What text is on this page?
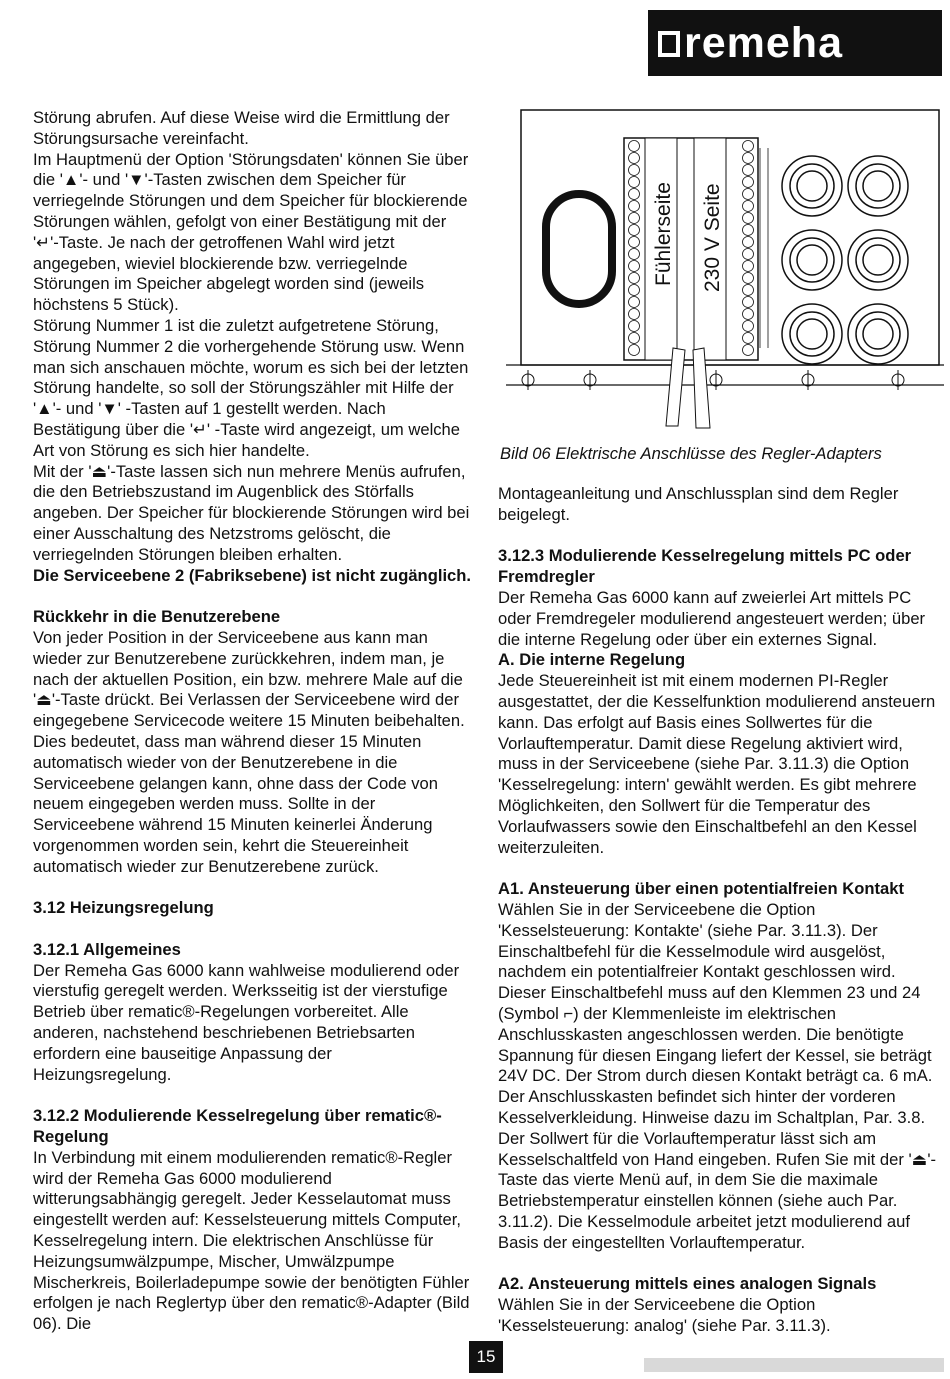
remeha

Störung abrufen. Auf diese Weise wird die Ermittlung der Störungsursache vereinfacht.

Im Hauptmenü der Option 'Störungsdaten' können Sie über die '▲'- und '▼'-Tasten zwischen dem Speicher für verriegelnde Störungen und dem Speicher für blockierende Störungen wählen, gefolgt von einer Bestätigung mit der '↵'-Taste. Je nach der getroffenen Wahl wird jetzt angegeben, wieviel blockierende bzw. verriegelnde Störungen im Speicher abgelegt worden sind (jeweils höchstens 5 Stück).

Störung Nummer 1 ist die zuletzt aufgetretene Störung, Störung Nummer 2 die vorhergehende Störung usw. Wenn man sich anschauen möchte, worum es sich bei der letzten Störung handelte, so soll der Störungszähler mit Hilfe der '▲'- und '▼' -Tasten auf 1 gestellt werden. Nach Bestätigung über die '↵' -Taste wird angezeigt, um welche Art von Störung es sich hier handelte.

Mit der '⏏'-Taste lassen sich nun mehrere Menüs aufrufen, die den Betriebszustand im Augenblick des Störfalls angeben. Der Speicher für blockierende Störungen wird bei einer Ausschaltung des Netzstroms gelöscht, die verriegelnden Störungen bleiben erhalten.

Die Serviceebene 2 (Fabriksebene) ist nicht zugänglich.

Rückkehr in die Benutzerebene

Von jeder Position in der Serviceebene aus kann man wieder zur Benutzerebene zurückkehren, indem man, je nach der aktuellen Position, ein bzw. mehrere Male auf die '⏏'-Taste drückt. Bei Verlassen der Serviceebene wird der eingegebene Servicecode weitere 15 Minuten beibehalten. Dies bedeutet, dass man während dieser 15 Minuten automatisch wieder von der Benutzerebene in die Serviceebene gelangen kann, ohne dass der Code von neuem eingegeben werden muss. Sollte in der Serviceebene während 15 Minuten keinerlei Änderung vorgenommen worden sein, kehrt die Steuereinheit automatisch wieder zur Benutzerebene zurück.

3.12 Heizungsregelung

3.12.1 Allgemeines

Der Remeha Gas 6000 kann wahlweise modulierend oder vierstufig geregelt werden. Werksseitig ist der vierstufige Betrieb über rematic®-Regelungen vorbereitet. Alle anderen, nachstehend beschriebenen Betriebsarten erfordern eine bauseitige Anpassung der Heizungsregelung.

3.12.2 Modulierende Kesselregelung über rematic®-Regelung

In Verbindung mit einem modulierenden rematic®-Regler wird der Remeha Gas 6000 modulierend witterungsabhängig geregelt. Jeder Kesselautomat muss eingestellt werden auf: Kesselsteuerung mittels Computer, Kesselregelung intern. Die elektrischen Anschlüsse für Heizungsumwälzpumpe, Mischer, Umwälzpumpe Mischerkreis, Boilerladepumpe sowie der benötigten Fühler erfolgen je nach Reglertyp über den rematic®-Adapter (Bild 06). Die

Fühlerseite 230 V Seite
Bild 06 Elektrische Anschlüsse des Regler-Adapters

Montageanleitung und Anschlussplan sind dem Regler beigelegt.

3.12.3 Modulierende Kesselregelung mittels PC oder Fremdregler

Der Remeha Gas 6000 kann auf zweierlei Art mittels PC oder Fremdregeler modulierend angesteuert werden; über die interne Regelung oder über ein externes Signal.

A. Die interne Regelung

Jede Steuereinheit ist mit einem modernen PI-Regler ausgestattet, der die Kesselfunktion modulierend ansteuern kann. Das erfolgt auf Basis eines Sollwertes für die Vorlauftemperatur. Damit diese Regelung aktiviert wird, muss in der Serviceebene (siehe Par. 3.11.3) die Option 'Kesselregelung: intern' gewählt werden. Es gibt mehrere Möglichkeiten, den Sollwert für die Temperatur des Vorlaufwassers sowie den Einschaltbefehl an den Kessel weiterzuleiten.

A1. Ansteuerung über einen potentialfreien Kontakt

Wählen Sie in der Serviceebene die Option 'Kesselsteuerung: Kontakte' (siehe Par. 3.11.3). Der Einschaltbefehl für die Kesselmodule wird ausgelöst, nachdem ein potentialfreier Kontakt geschlossen wird.

Dieser Einschaltbefehl muss auf den Klemmen 23 und 24 (Symbol ⌐) der Klemmenleiste im elektrischen Anschlusskasten angeschlossen werden. Die benötigte Spannung für diesen Eingang liefert der Kessel, sie beträgt 24V DC. Der Strom durch diesen Kontakt beträgt ca. 6 mA. Der Anschlusskasten befindet sich hinter der vorderen Kesselverkleidung. Hinweise dazu im Schaltplan, Par. 3.8. Der Sollwert für die Vorlauftemperatur lässt sich am Kesselschaltfeld von Hand eingeben. Rufen Sie mit der '⏏'-Taste das vierte Menü auf, in dem Sie die maximale Betriebstemperatur einstellen können (siehe auch Par. 3.11.2). Die Kesselmodule arbeitet jetzt modulierend auf Basis der eingestellten Vorlauftemperatur.

A2. Ansteuerung mittels eines analogen Signals

Wählen Sie in der Serviceebene die Option 'Kesselsteuerung: analog' (siehe Par. 3.11.3).

15
